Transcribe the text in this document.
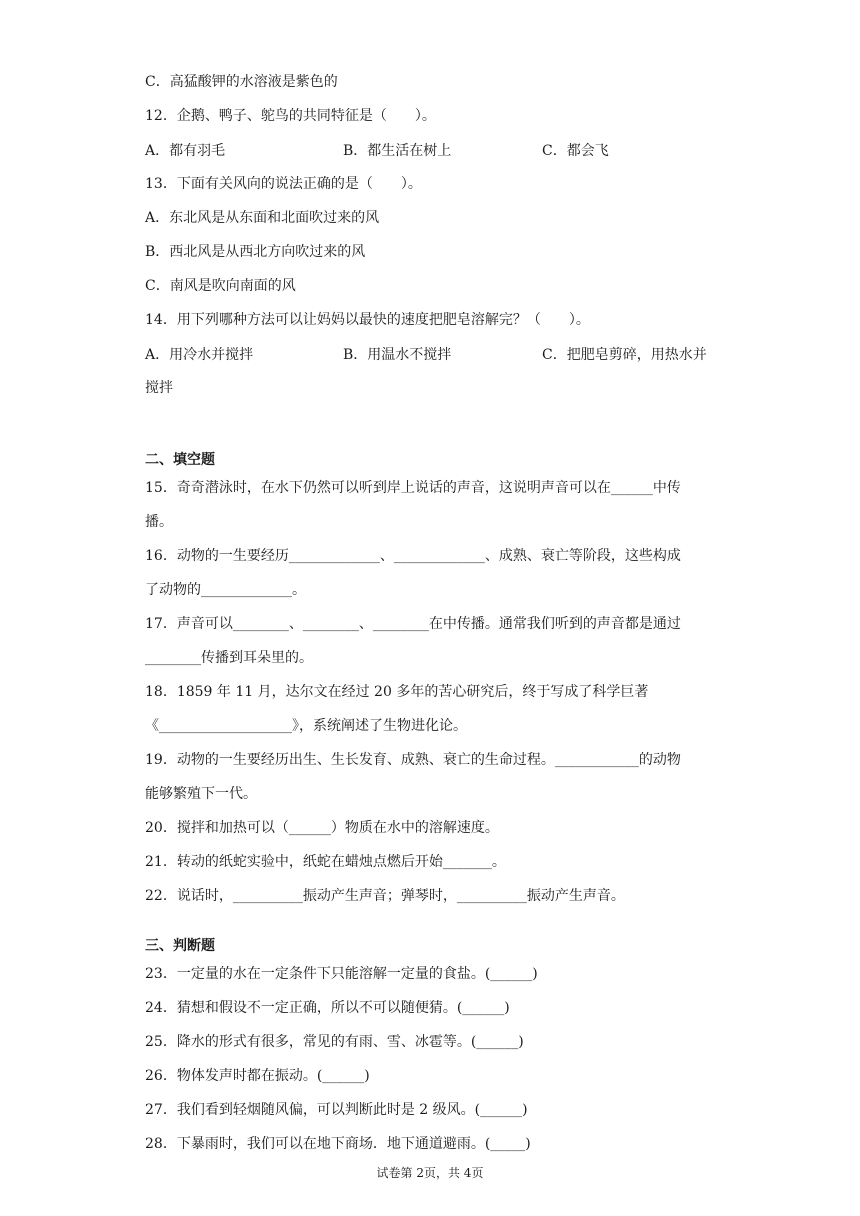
C．高猛酸钾的水溶液是紫色的
12．企鹅、鸭子、鸵鸟的共同特征是（　　）。
A．都有羽毛	B．都生活在树上	C．都会飞
13．下面有关风向的说法正确的是（　　）。
A．东北风是从东面和北面吹过来的风
B．西北风是从西北方向吹过来的风
C．南风是吹向南面的风
14．用下列哪种方法可以让妈妈以最快的速度把肥皂溶解完？（　　）。
A．用冷水并搅拌	B．用温水不搅拌	C．把肥皂剪碎，用热水并
搅拌
二、填空题
15．奇奇潜泳时，在水下仍然可以听到岸上说话的声音，这说明声音可以在______中传
播。
16．动物的一生要经历_____________、_____________、成熟、衰亡等阶段，这些构成
了动物的_____________。
17．声音可以________、________、________在中传播。通常我们听到的声音都是通过
________传播到耳朵里的。
18．1859 年 11 月，达尔文在经过 20 多年的苦心研究后，终于写成了科学巨著
《___________________》，系统阐述了生物进化论。
19．动物的一生要经历出生、生长发育、成熟、衰亡的生命过程。____________的动物
能够繁殖下一代。
20．搅拌和加热可以（______）物质在水中的溶解速度。
21．转动的纸蛇实验中，纸蛇在蜡烛点燃后开始_______。
22．说话时，__________振动产生声音；弹琴时，__________振动产生声音。
三、判断题
23．一定量的水在一定条件下只能溶解一定量的食盐。(______)
24．猜想和假设不一定正确，所以不可以随便猜。(______)
25．降水的形式有很多，常见的有雨、雪、冰雹等。(______)
26．物体发声时都在振动。(______)
27．我们看到轻烟随风偏，可以判断此时是 2 级风。(______)
28．下暴雨时，我们可以在地下商场．地下通道避雨。(_____)
试卷第 2页，共 4页
